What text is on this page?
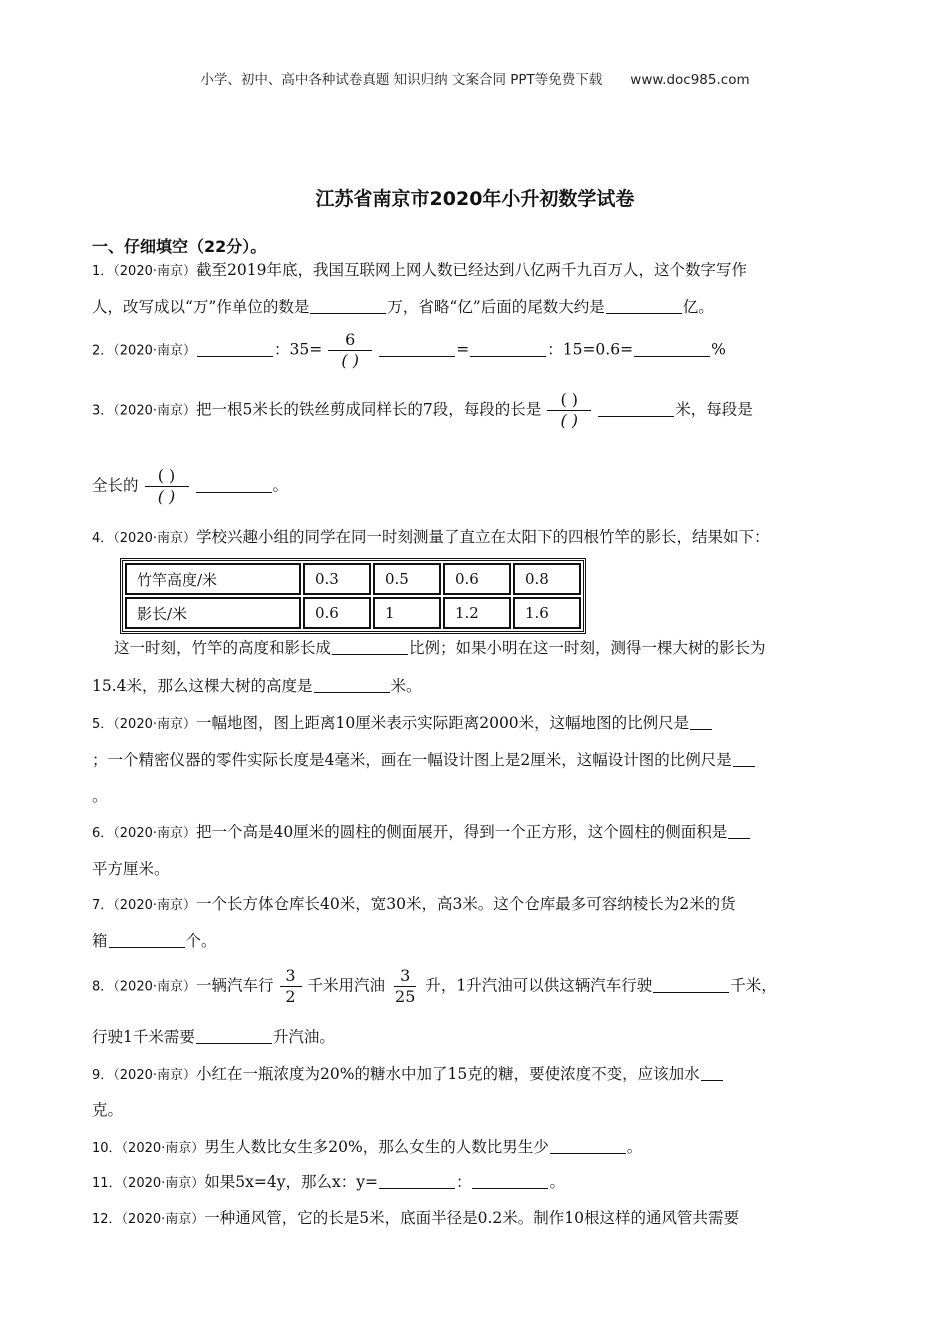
小学、初中、高中各种试卷真题 知识归纳 文案合同 PPT等免费下载 www.doc985.com
江苏省南京市2020年小升初数学试卷
一、仔细填空（22分）。
1．（2020·南京）截至2019年底，我国互联网上网人数已经达到八亿两千九百万人，这个数字写作
人，改写成以“万”作单位的数是	万，省略“亿”后面的尾数大约是	亿。
2．（2020·南京）	：$35= \frac{6}{( )}$	=	：15=0.6=	%
3．（2020·南京）把一根5米长的铁丝剪成同样长的7段，每段的长是 $\frac{( )}{( )}$	米，每段是
全长的 $\frac{( )}{( )}$	。
4．（2020·南京）学校兴趣小组的同学在同一时刻测量了直立在太阳下的四根竹竿的影长，结果如下：
竹竿高度/米	0.3	0.5	0.6	0.8
影长/米	0.6	1	1.2	1.6
这一时刻，竹竿的高度和影长成	比例；如果小明在这一时刻，测得一棵大树的影长为
15.4米，那么这棵大树的高度是	米。
5．（2020·南京）一幅地图，图上距离10厘米表示实际距离2000米，这幅地图的比例尺是
；一个精密仪器的零件实际长度是4毫米，画在一幅设计图上是2厘米，这幅设计图的比例尺是
。
6．（2020·南京）把一个高是40厘米的圆柱的侧面展开，得到一个正方形，这个圆柱的侧面积是
平方厘米。
7．（2020·南京）一个长方体仓库长40米，宽30米，高3米。这个仓库最多可容纳棱长为2米的货
箱	个。
8．（2020·南京）一辆汽车行 $\frac{3}{2}$ 千米用汽油 $\frac{3}{25}$ 升，1升汽油可以供这辆汽车行驶	千米，
行驶1千米需要	升汽油。
9．（2020·南京）小红在一瓶浓度为20%的糖水中加了15克的糖，要使浓度不变，应该加水
克。
10．（2020·南京）男生人数比女生多20%，那么女生的人数比男生少	。
11．（2020·南京）如果5x=4y，那么x：y=	：	。
12．（2020·南京）一种通风管，它的长是5米，底面半径是0.2米。制作10根这样的通风管共需要
